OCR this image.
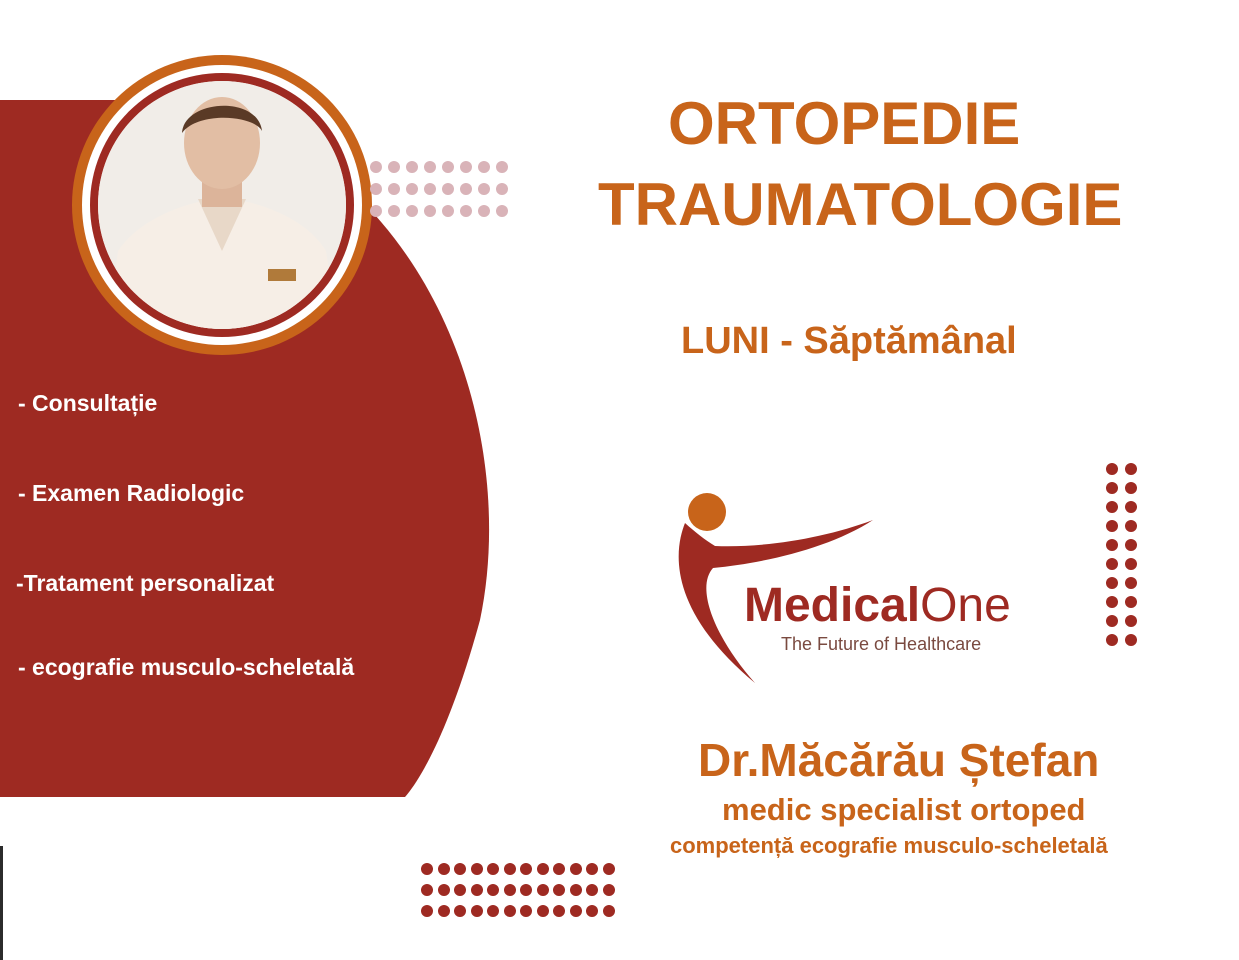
ORTOPEDIE
TRAUMATOLOGIE
LUNI - Săptămânal
- Consultație
- Examen Radiologic
-Tratament personalizat
- ecografie musculo-scheletală
MedicalOne
The Future of Healthcare
Dr.Măcărău Ștefan
medic specialist ortoped
competență ecografie musculo-scheletală
